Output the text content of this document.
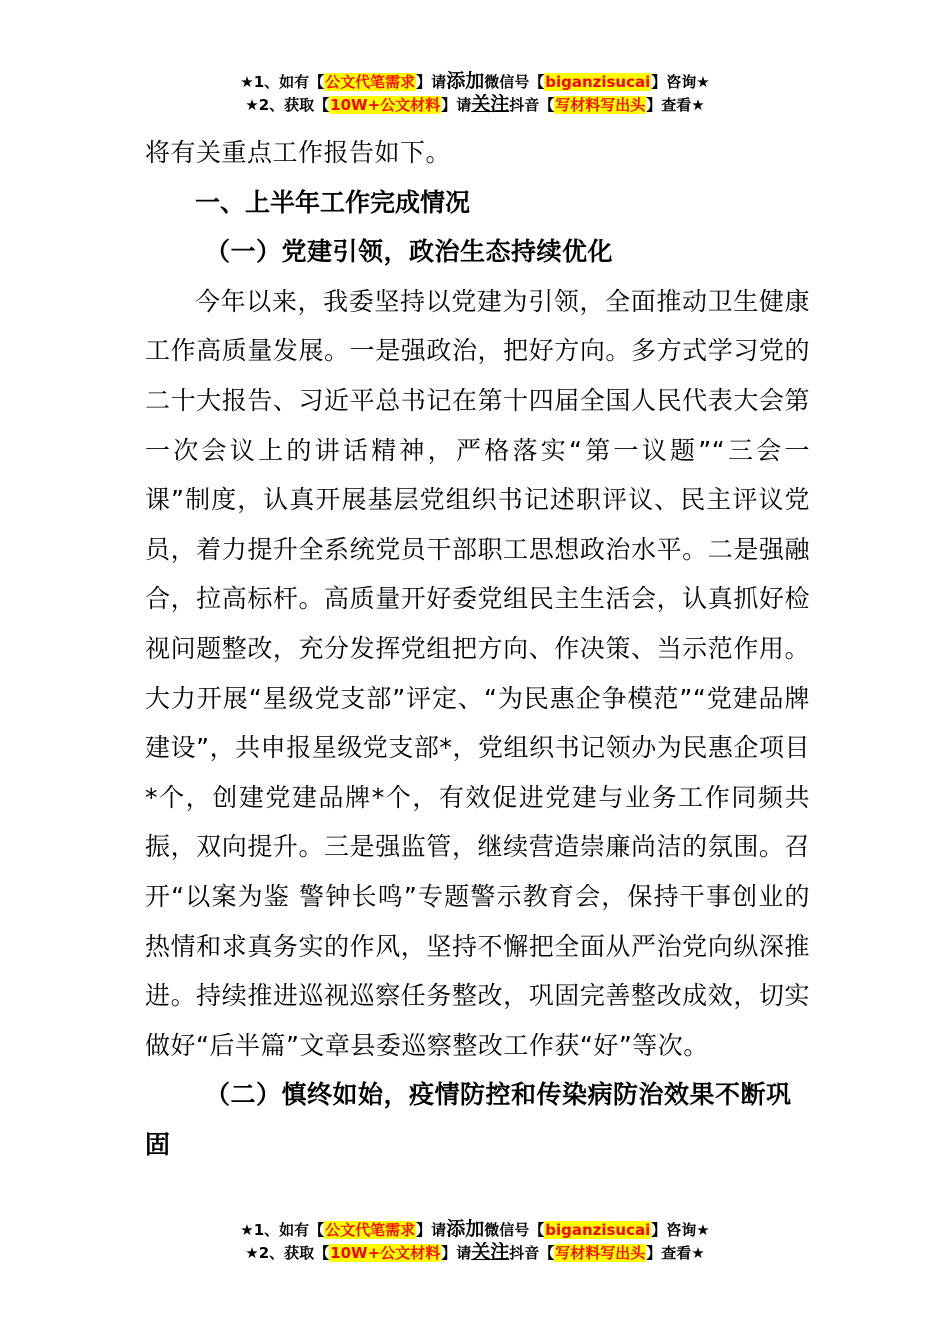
★1、如有【公文代笔需求】请添加微信号【biganzisucai】咨询★
★2、获取【10W+公文材料】请关注抖音【写材料写出头】查看★

将有关重点工作报告如下。

一、上半年工作完成情况

（一）党建引领，政治生态持续优化

今年以来，我委坚持以党建为引领，全面推动卫生健康工作高质量发展。一是强政治，把好方向。多方式学习党的二十大报告、习近平总书记在第十四届全国人民代表大会第一次会议上的讲话精神，严格落实“第一议题”“三会一课”制度，认真开展基层党组织书记述职评议、民主评议党员，着力提升全系统党员干部职工思想政治水平。二是强融合，拉高标杆。高质量开好委党组民主生活会，认真抓好检视问题整改，充分发挥党组把方向、作决策、当示范作用。大力开展“星级党支部”评定、“为民惠企争模范”“党建品牌建设”，共申报星级党支部*，党组织书记领办为民惠企项目*个，创建党建品牌*个，有效促进党建与业务工作同频共振，双向提升。三是强监管，继续营造崇廉尚洁的氛围。召开“以案为鉴 警钟长鸣”专题警示教育会，保持干事创业的热情和求真务实的作风，坚持不懈把全面从严治党向纵深推进。持续推进巡视巡察任务整改，巩固完善整改成效，切实做好“后半篇”文章县委巡察整改工作获“好”等次。

（二）慎终如始，疫情防控和传染病防治效果不断巩固

★1、如有【公文代笔需求】请添加微信号【biganzisucai】咨询★
★2、获取【10W+公文材料】请关注抖音【写材料写出头】查看★
